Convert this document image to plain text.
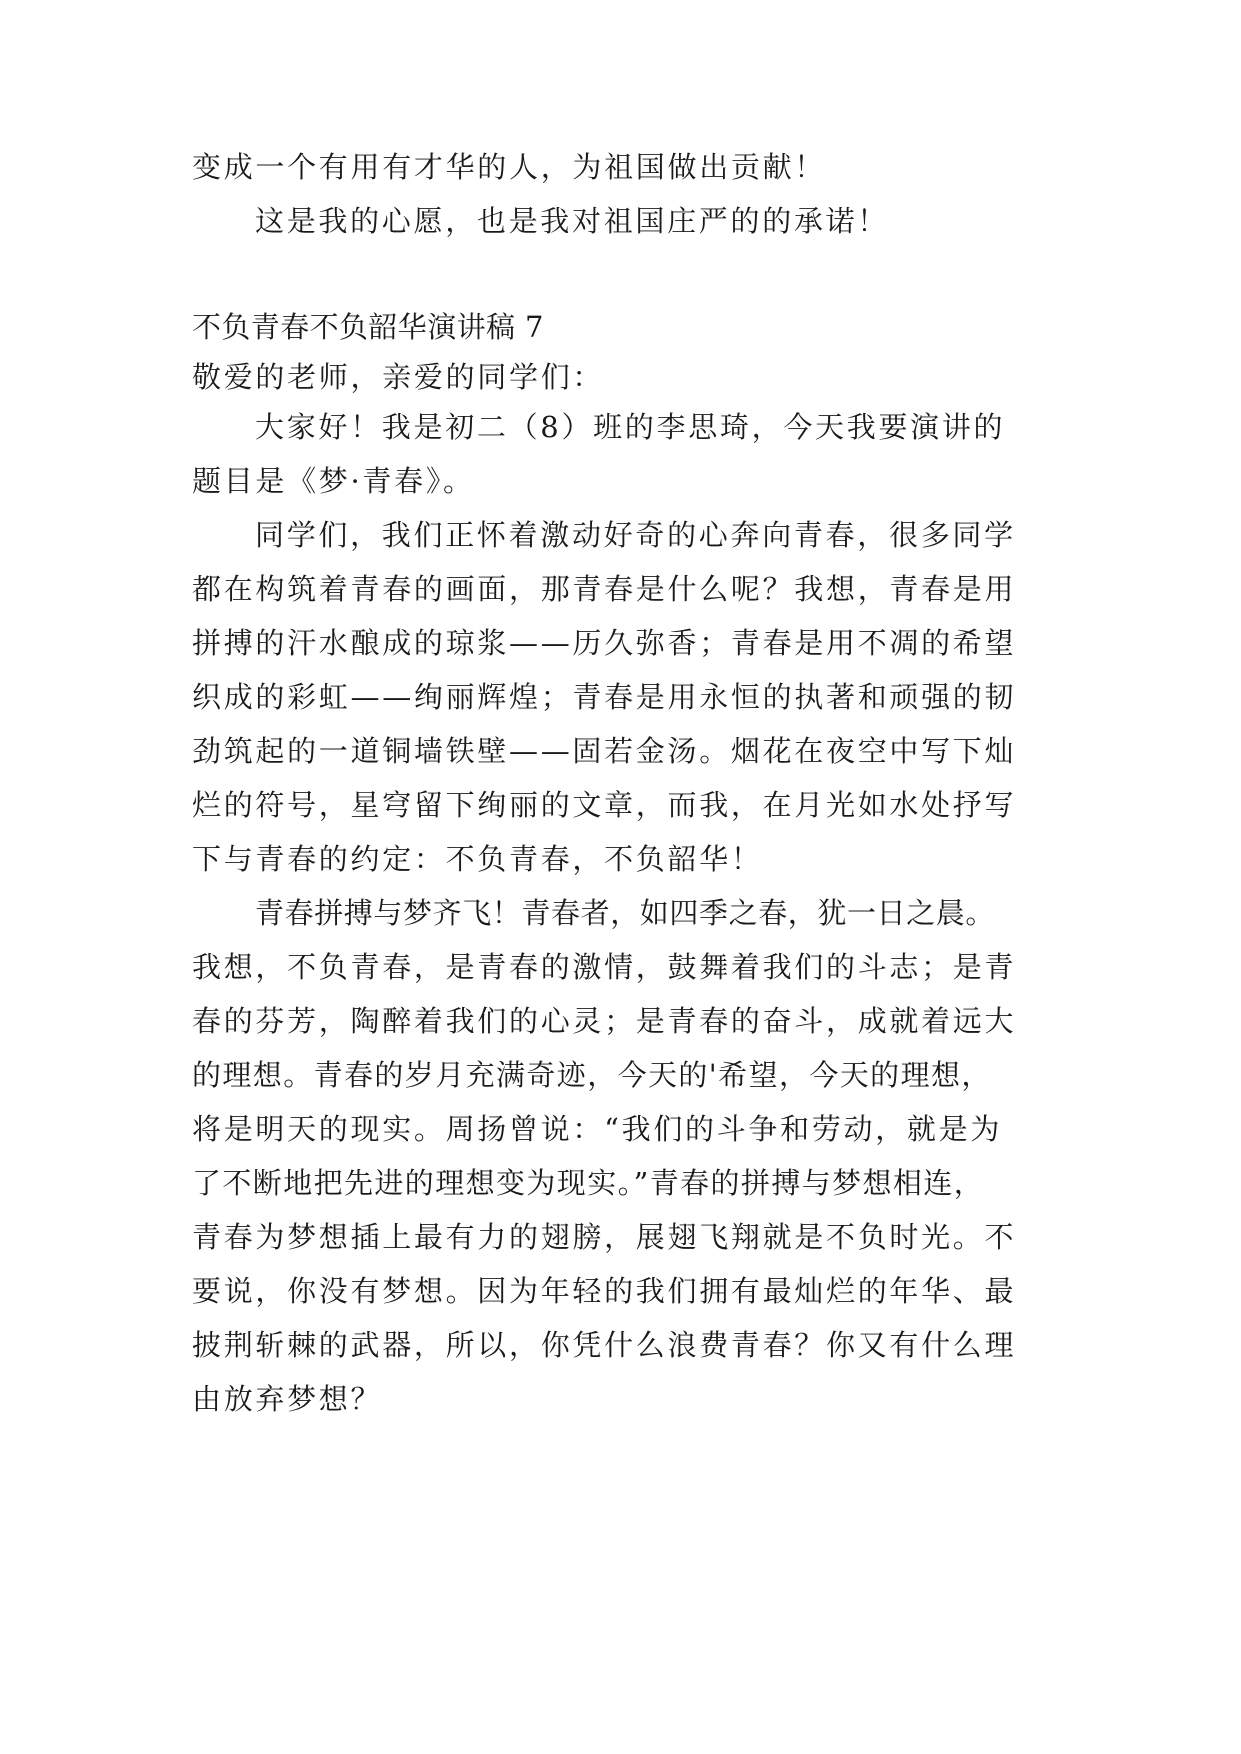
变成一个有用有才华的人，为祖国做出贡献！
这是我的心愿，也是我对祖国庄严的的承诺！
不负青春不负韶华演讲稿 7
敬爱的老师，亲爱的同学们：
大家好！我是初二（8）班的李思琦，今天我要演讲的
题目是《梦·青春》。
同学们，我们正怀着激动好奇的心奔向青春，很多同学
都在构筑着青春的画面，那青春是什么呢？我想，青春是用
拼搏的汗水酿成的琼浆——历久弥香；青春是用不凋的希望
织成的彩虹——绚丽辉煌；青春是用永恒的执著和顽强的韧
劲筑起的一道铜墙铁壁——固若金汤。烟花在夜空中写下灿
烂的符号，星穹留下绚丽的文章，而我，在月光如水处抒写
下与青春的约定：不负青春，不负韶华！
青春拼搏与梦齐飞！青春者，如四季之春，犹一日之晨。
我想，不负青春，是青春的激情，鼓舞着我们的斗志；是青
春的芬芳，陶醉着我们的心灵；是青春的奋斗，成就着远大
的理想。青春的岁月充满奇迹，今天的'希望，今天的理想，
将是明天的现实。周扬曾说：“我们的斗争和劳动，就是为
了不断地把先进的理想变为现实。”青春的拼搏与梦想相连，
青春为梦想插上最有力的翅膀，展翅飞翔就是不负时光。不
要说，你没有梦想。因为年轻的我们拥有最灿烂的年华、最
披荆斩棘的武器，所以，你凭什么浪费青春？你又有什么理
由放弃梦想？
